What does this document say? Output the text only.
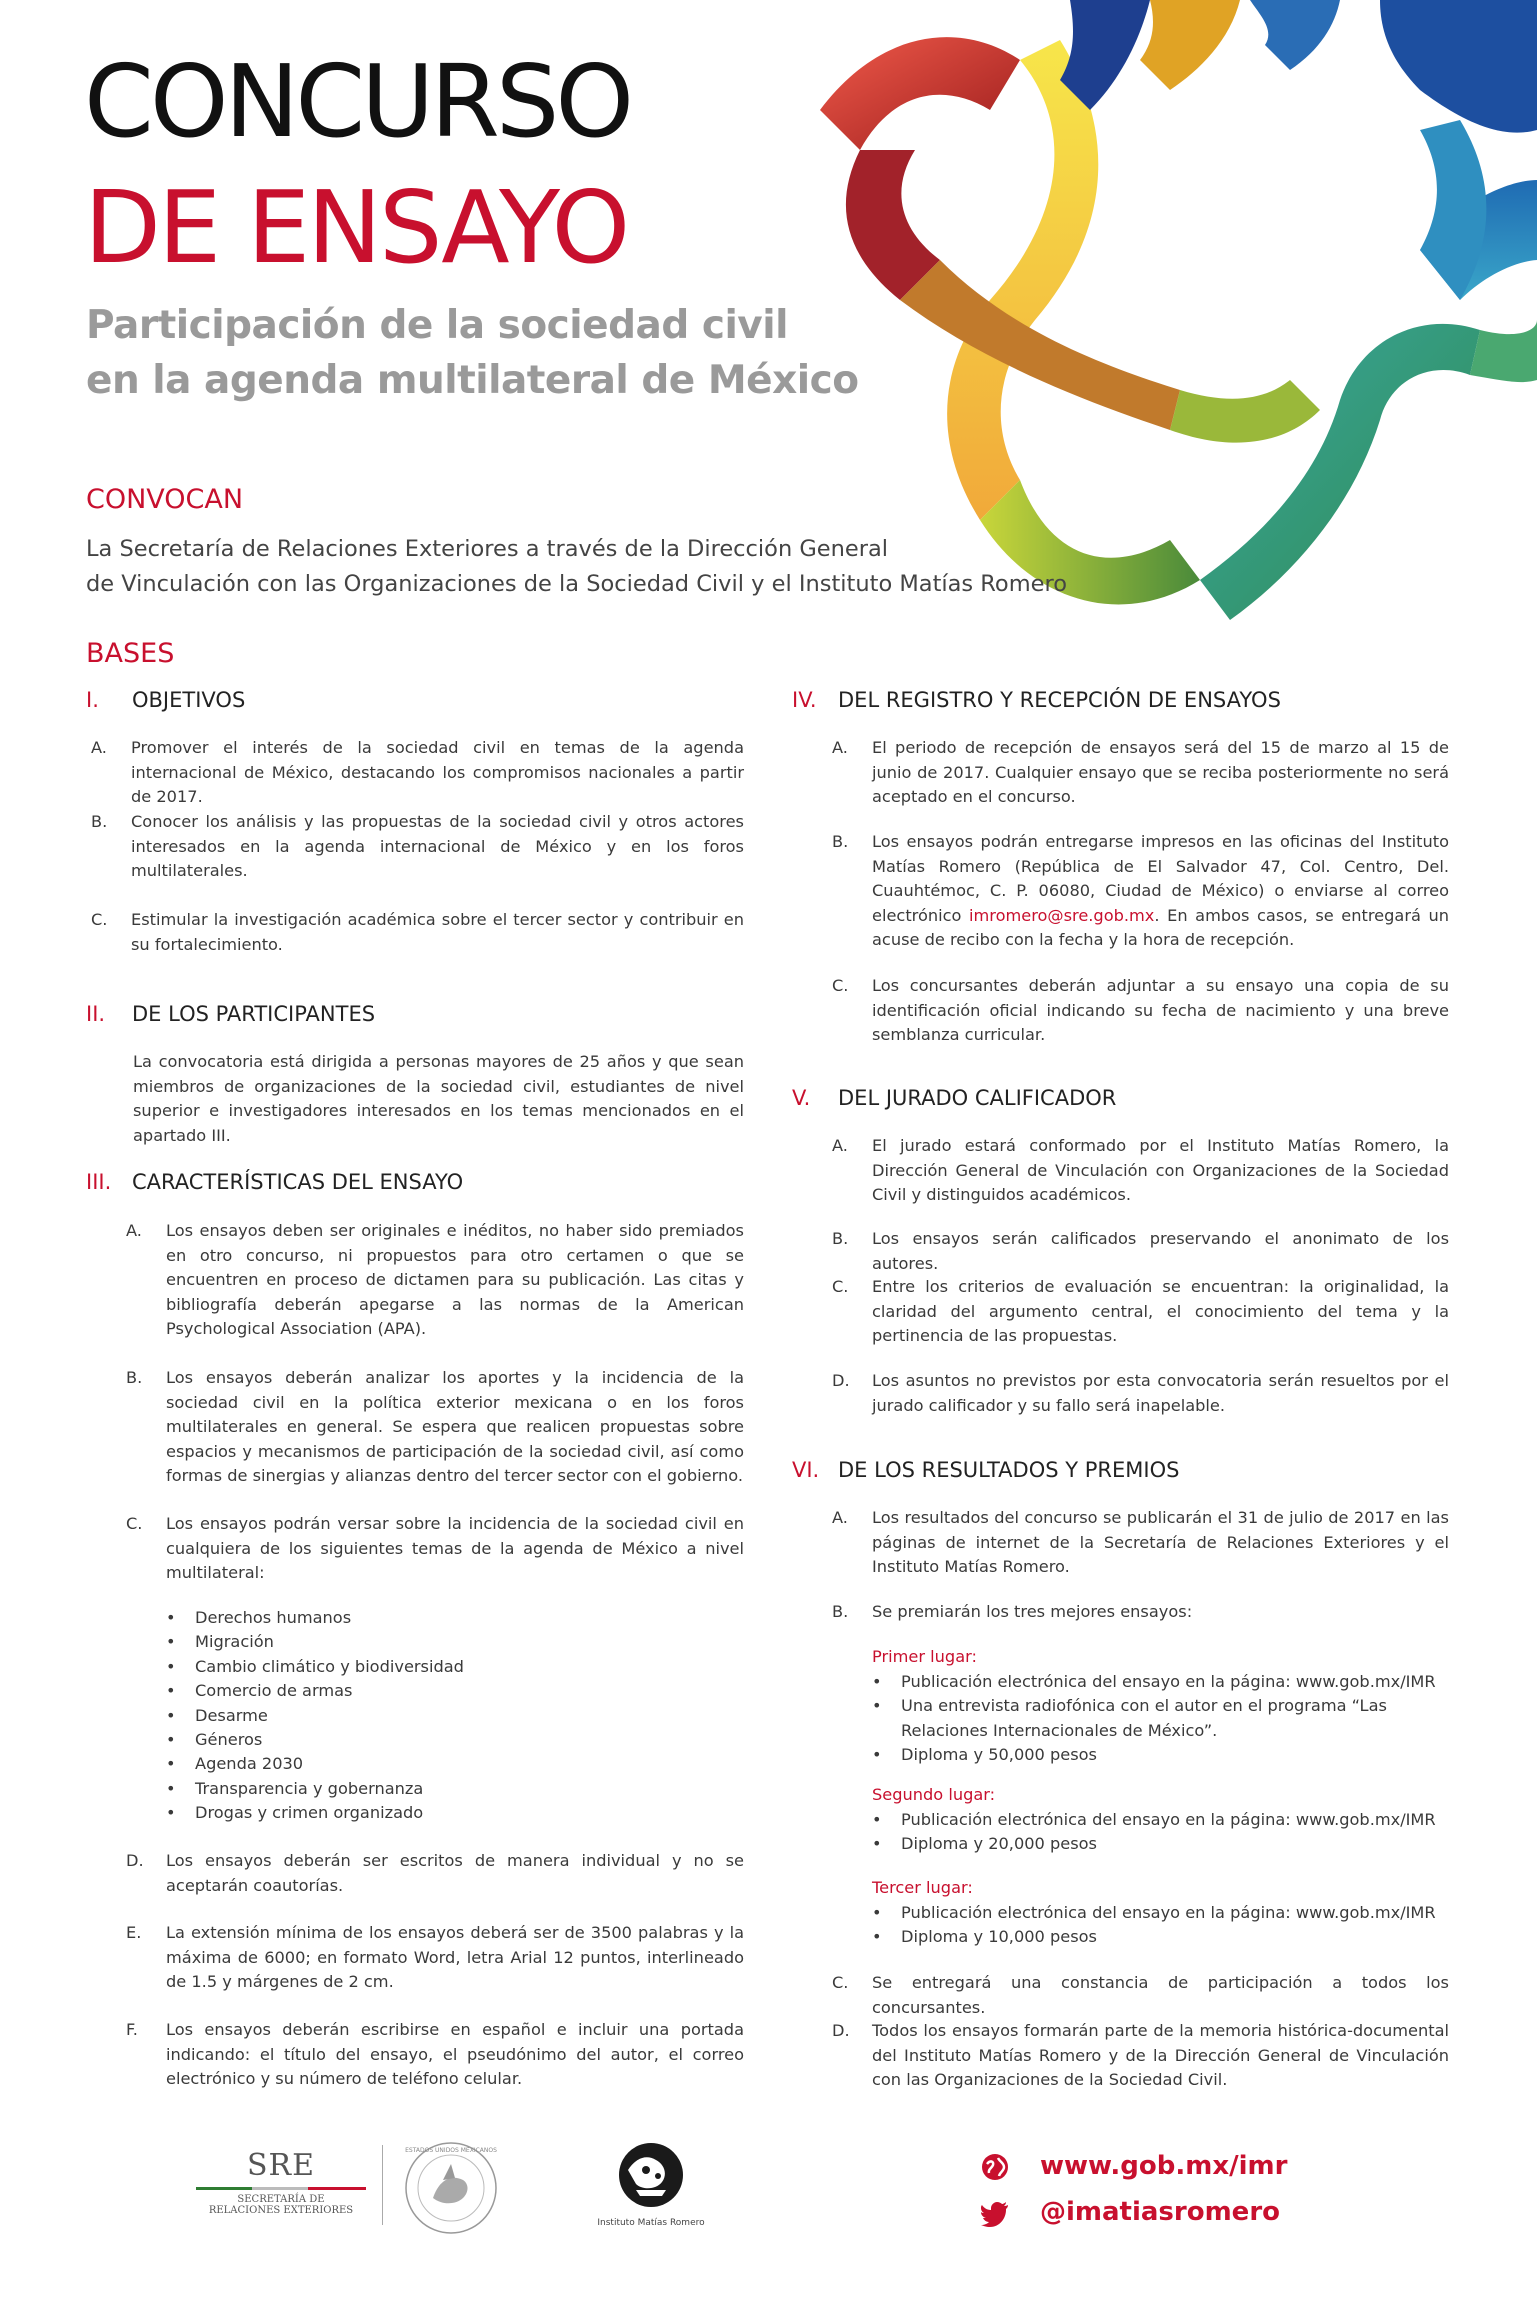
CONCURSO
DE ENSAYO
Participación de la sociedad civil
en la agenda multilateral de México
CONVOCAN
La Secretaría de Relaciones Exteriores a través de la Dirección General
de Vinculación con las Organizaciones de la Sociedad Civil y el Instituto Matías Romero
BASES
I.	OBJETIVOS
A. Promover el interés de la sociedad civil en temas de la agenda internacional de México, destacando los compromisos nacionales a partir de 2017.
B. Conocer los análisis y las propuestas de la sociedad civil y otros actores interesados en la agenda internacional de México y en los foros multilaterales.
C. Estimular la investigación académica sobre el tercer sector y contribuir en su fortalecimiento.
II.	DE LOS PARTICIPANTES
La convocatoria está dirigida a personas mayores de 25 años y que sean miembros de organizaciones de la sociedad civil, estudiantes de nivel superior e investigadores interesados en los temas mencionados en el apartado III.
III. CARACTERÍSTICAS DEL ENSAYO
A. Los ensayos deben ser originales e inéditos, no haber sido premiados en otro concurso, ni propuestos para otro certamen o que se encuentren en proceso de dictamen para su publicación. Las citas y bibliografía deberán apegarse a las normas de la American Psychological Association (APA).
B. Los ensayos deberán analizar los aportes y la incidencia de la sociedad civil en la política exterior mexicana o en los foros multilaterales en general. Se espera que realicen propuestas sobre espacios y mecanismos de participación de la sociedad civil, así como formas de sinergias y alianzas dentro del tercer sector con el gobierno.
C. Los ensayos podrán versar sobre la incidencia de la sociedad civil en cualquiera de los siguientes temas de la agenda de México a nivel multilateral:
• Derechos humanos
• Migración
• Cambio climático y biodiversidad
• Comercio de armas
• Desarme
• Géneros
• Agenda 2030
• Transparencia y gobernanza
• Drogas y crimen organizado
D. Los ensayos deberán ser escritos de manera individual y no se aceptarán coautorías.
E. La extensión mínima de los ensayos deberá ser de 3500 palabras y la máxima de 6000; en formato Word, letra Arial 12 puntos, interlineado de 1.5 y márgenes de 2 cm.
F. Los ensayos deberán escribirse en español e incluir una portada indicando: el título del ensayo, el pseudónimo del autor, el correo electrónico y su número de teléfono celular.
IV.	DEL REGISTRO Y RECEPCIÓN DE ENSAYOS
A. El periodo de recepción de ensayos será del 15 de marzo al 15 de junio de 2017. Cualquier ensayo que se reciba posteriormente no será aceptado en el concurso.
B. Los ensayos podrán entregarse impresos en las oficinas del Instituto Matías Romero (República de El Salvador 47, Col. Centro, Del. Cuauhtémoc, C. P. 06080, Ciudad de México) o enviarse al correo electrónico imromero@sre.gob.mx. En ambos casos, se entregará un acuse de recibo con la fecha y la hora de recepción.
C. Los concursantes deberán adjuntar a su ensayo una copia de su identificación oficial indicando su fecha de nacimiento y una breve semblanza curricular.
V.	DEL JURADO CALIFICADOR
A. El jurado estará conformado por el Instituto Matías Romero, la Dirección General de Vinculación con Organizaciones de la Sociedad Civil y distinguidos académicos.
B. Los ensayos serán calificados preservando el anonimato de los autores.
C. Entre los criterios de evaluación se encuentran: la originalidad, la claridad del argumento central, el conocimiento del tema y la pertinencia de las propuestas.
D. Los asuntos no previstos por esta convocatoria serán resueltos por el jurado calificador y su fallo será inapelable.
VI. DE LOS RESULTADOS Y PREMIOS
A. Los resultados del concurso se publicarán el 31 de julio de 2017 en las páginas de internet de la Secretaría de Relaciones Exteriores y el Instituto Matías Romero.
B. Se premiarán los tres mejores ensayos:
Primer lugar:
• Publicación electrónica del ensayo en la página: www.gob.mx/IMR
• Una entrevista radiofónica con el autor en el programa “Las Relaciones Internacionales de México”.
• Diploma y 50,000 pesos
Segundo lugar:
• Publicación electrónica del ensayo en la página: www.gob.mx/IMR
• Diploma y 20,000 pesos
Tercer lugar:
• Publicación electrónica del ensayo en la página: www.gob.mx/IMR
• Diploma y 10,000 pesos
C. Se entregará una constancia de participación a todos los concursantes.
D. Todos los ensayos formarán parte de la memoria histórica-documental del Instituto Matías Romero y de la Dirección General de Vinculación con las Organizaciones de la Sociedad Civil.
SRE
SECRETARÍA DE
RELACIONES EXTERIORES
ESTADOS UNIDOS MEXICANOS
Instituto Matías Romero
www.gob.mx/imr
@imatiasromero
